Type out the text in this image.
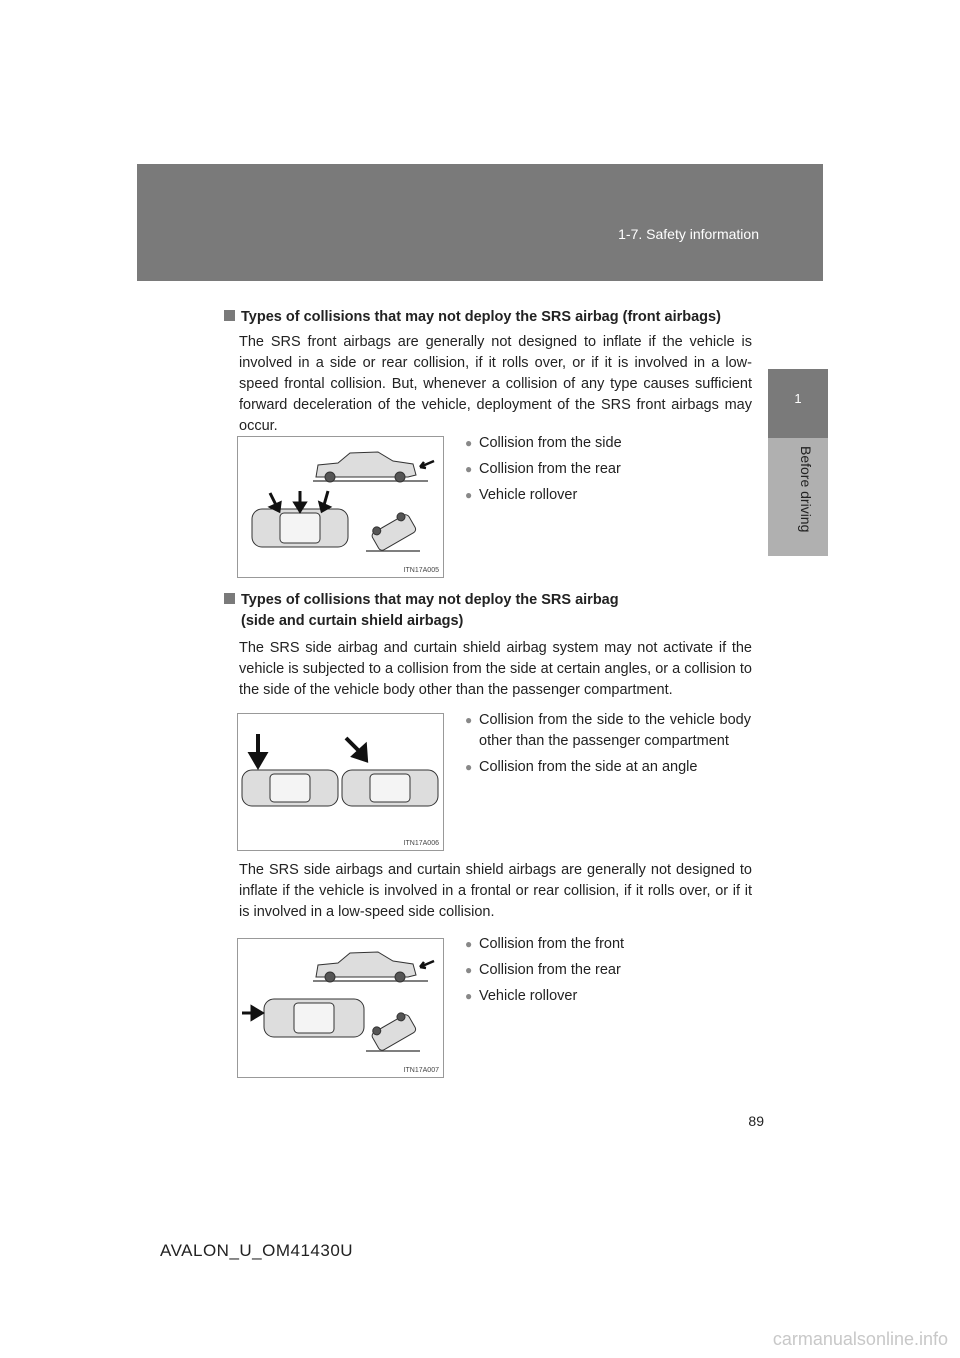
1-7. Safety information
1
Before driving
Types of collisions that may not deploy the SRS airbag (front airbags)
The SRS front airbags are generally not designed to inflate if the vehicle is involved in a side or rear collision, if it rolls over, or if it is involved in a low-speed frontal collision. But, whenever a collision of any type causes sufficient forward deceleration of the vehicle, deployment of the SRS front airbags may occur.
ITN17A005
● Collision from the side
● Collision from the rear
● Vehicle rollover
Types of collisions that may not deploy the SRS airbag
(side and curtain shield airbags)
The SRS side airbag and curtain shield airbag system may not activate if the vehicle is subjected to a collision from the side at certain angles, or a collision to the side of the vehicle body other than the passenger compartment.
ITN17A006
● Collision from the side to the vehicle body other than the passenger compartment
● Collision from the side at an angle
The SRS side airbags and curtain shield airbags are generally not designed to inflate if the vehicle is involved in a frontal or rear collision, if it rolls over, or if it is involved in a low-speed side collision.
ITN17A007
● Collision from the front
● Collision from the rear
● Vehicle rollover
89
AVALON_U_OM41430U
carmanualsonline.info
